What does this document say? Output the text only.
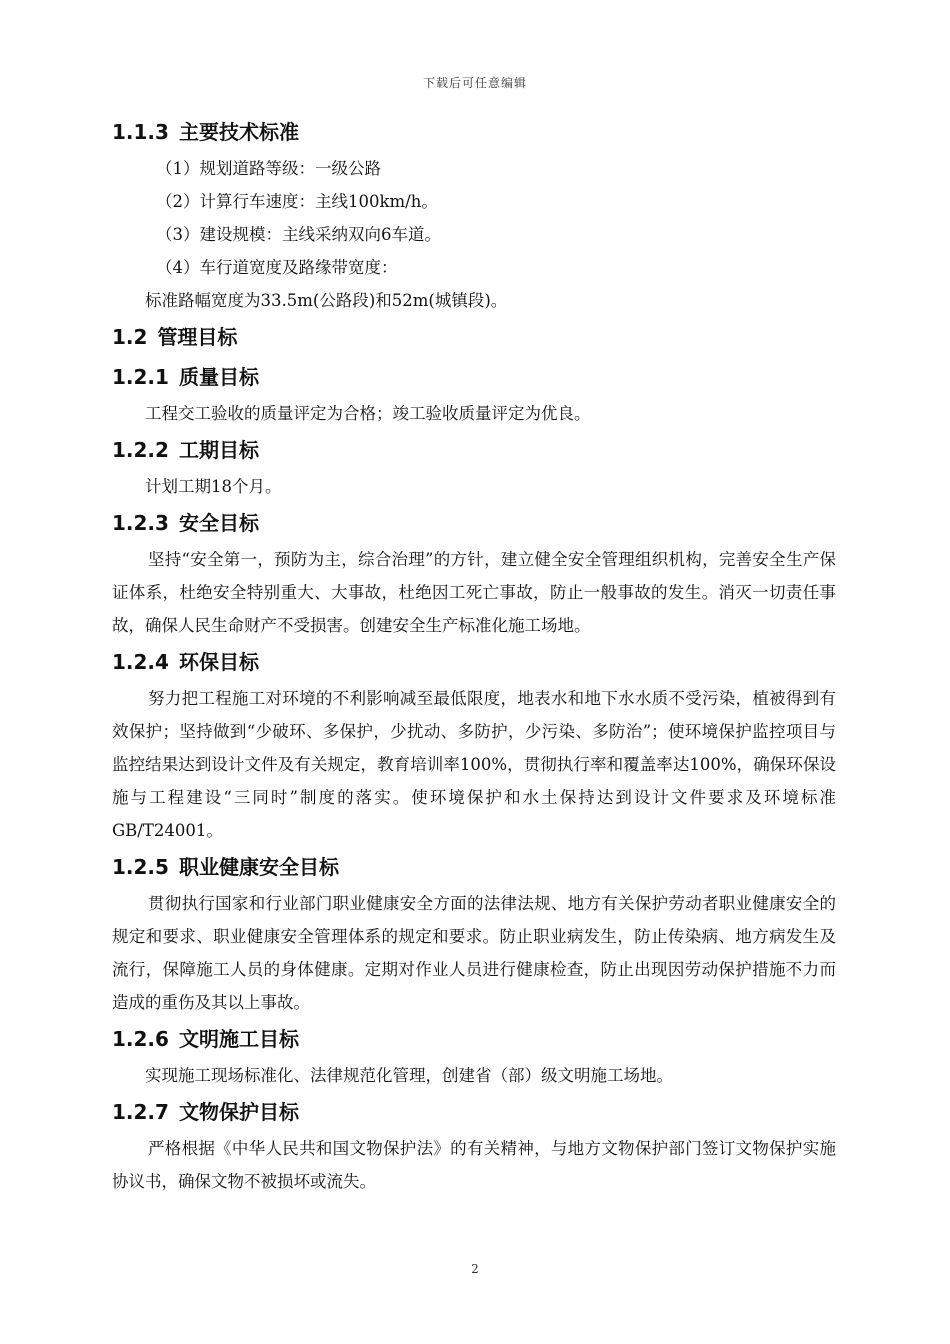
下载后可任意编辑
1.1.3 主要技术标准
（1）规划道路等级：一级公路
（2）计算行车速度：主线100km/h。
（3）建设规模：主线采纳双向6车道。
（4）车行道宽度及路缘带宽度：
标准路幅宽度为33.5m(公路段)和52m(城镇段)。
1.2 管理目标
1.2.1 质量目标
工程交工验收的质量评定为合格；竣工验收质量评定为优良。
1.2.2 工期目标
计划工期18个月。
1.2.3 安全目标
坚持“安全第一，预防为主，综合治理”的方针，建立健全安全管理组织机构，完善安全生产保证体系，杜绝安全特别重大、大事故，杜绝因工死亡事故，防止一般事故的发生。消灭一切责任事故，确保人民生命财产不受损害。创建安全生产标准化施工场地。
1.2.4 环保目标
努力把工程施工对环境的不利影响减至最低限度，地表水和地下水水质不受污染，植被得到有效保护；坚持做到“少破环、多保护，少扰动、多防护，少污染、多防治”；使环境保护监控项目与监控结果达到设计文件及有关规定，教育培训率100%，贯彻执行率和覆盖率达100%，确保环保设施与工程建设“三同时”制度的落实。使环境保护和水土保持达到设计文件要求及环境标准GB/T24001。
1.2.5 职业健康安全目标
贯彻执行国家和行业部门职业健康安全方面的法律法规、地方有关保护劳动者职业健康安全的规定和要求、职业健康安全管理体系的规定和要求。防止职业病发生，防止传染病、地方病发生及流行，保障施工人员的身体健康。定期对作业人员进行健康检查，防止出现因劳动保护措施不力而造成的重伤及其以上事故。
1.2.6 文明施工目标
实现施工现场标准化、法律规范化管理，创建省（部）级文明施工场地。
1.2.7 文物保护目标
严格根据《中华人民共和国文物保护法》的有关精神，与地方文物保护部门签订文物保护实施协议书，确保文物不被损坏或流失。
2
